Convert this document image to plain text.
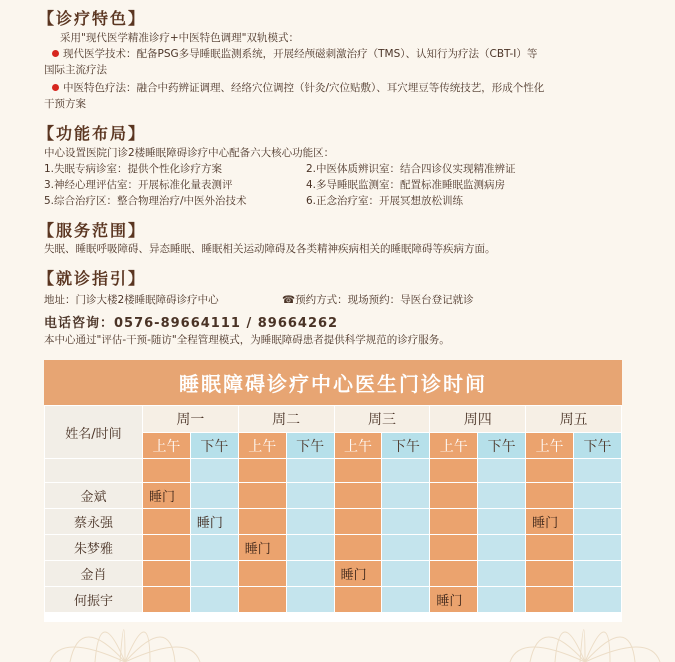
【诊疗特色】
采用"现代医学精准诊疗+中医特色调理"双轨模式：
现代医学技术：配备PSG多导睡眠监测系统，开展经颅磁刺激治疗（TMS）、认知行为疗法（CBT-I）等
国际主流疗法
中医特色疗法：融合中药辨证调理、经络穴位调控（针灸/穴位贴敷）、耳穴埋豆等传统技艺，形成个性化
干预方案
【功能布局】
中心设置医院门诊2楼睡眠障碍诊疗中心配备六大核心功能区：
1.失眠专病诊室：提供个性化诊疗方案	2.中医体质辨识室：结合四诊仪实现精准辨证
3.神经心理评估室：开展标准化量表测评	4.多导睡眠监测室：配置标准睡眠监测病房
5.综合治疗区：整合物理治疗/中医外治技术	6.正念治疗室：开展冥想放松训练
【服务范围】
失眠、睡眠呼吸障碍、异态睡眠、睡眠相关运动障碍及各类精神疾病相关的睡眠障碍等疾病方面。
【就诊指引】
地址：门诊大楼2楼睡眠障碍诊疗中心	☎预约方式：现场预约：导医台登记就诊
电话咨询：0576-89664111 / 89664262
本中心通过"评估-干预-随访"全程管理模式，为睡眠障碍患者提供科学规范的诊疗服务。
睡眠障碍诊疗中心医生门诊时间
姓名/时间	周一		周二		周三		周四		周五	
	上午	下午	上午	下午	上午	下午	上午	下午	上午	下午

金斌	睡门									
蔡永强		睡门							睡门	
朱梦雅			睡门							
金肖					睡门					
何振宇							睡门			
